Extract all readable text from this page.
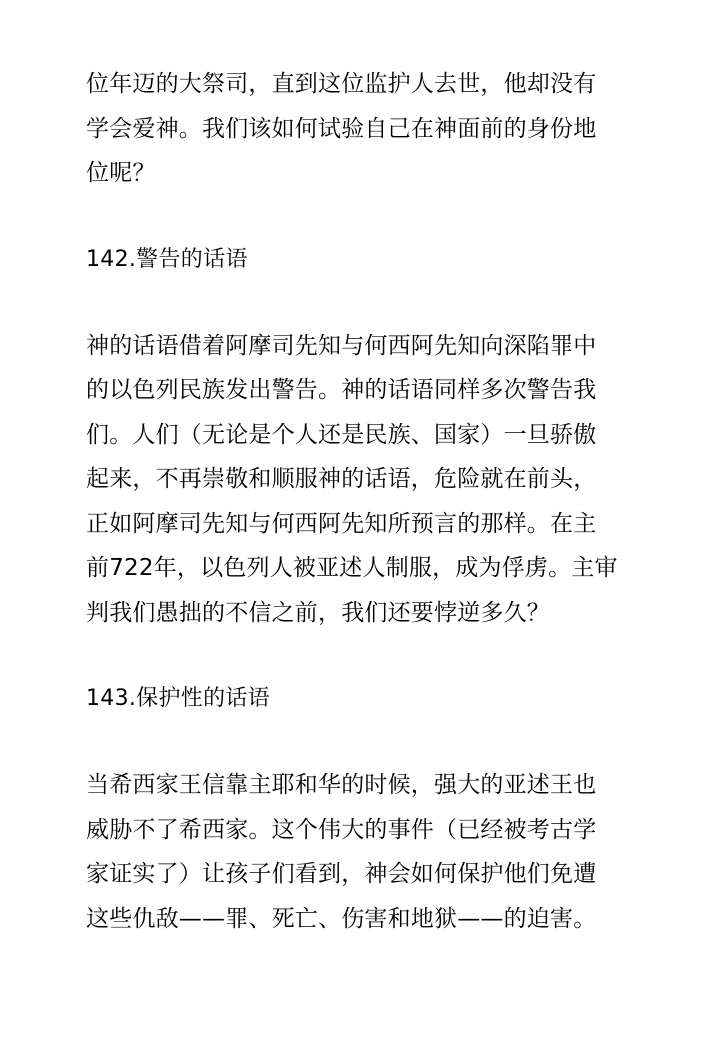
位年迈的大祭司，直到这位监护人去世，他却没有
学会爱神。我们该如何试验自己在神面前的身份地
位呢？
142.警告的话语
神的话语借着阿摩司先知与何西阿先知向深陷罪中
的以色列民族发出警告。神的话语同样多次警告我
们。人们（无论是个人还是民族、国家）一旦骄傲
起来，不再崇敬和顺服神的话语，危险就在前头，
正如阿摩司先知与何西阿先知所预言的那样。在主
前722年，以色列人被亚述人制服，成为俘虏。主审
判我们愚拙的不信之前，我们还要悖逆多久？
143.保护性的话语
当希西家王信靠主耶和华的时候，强大的亚述王也
威胁不了希西家。这个伟大的事件（已经被考古学
家证实了）让孩子们看到，神会如何保护他们免遭
这些仇敌——罪、死亡、伤害和地狱——的迫害。
